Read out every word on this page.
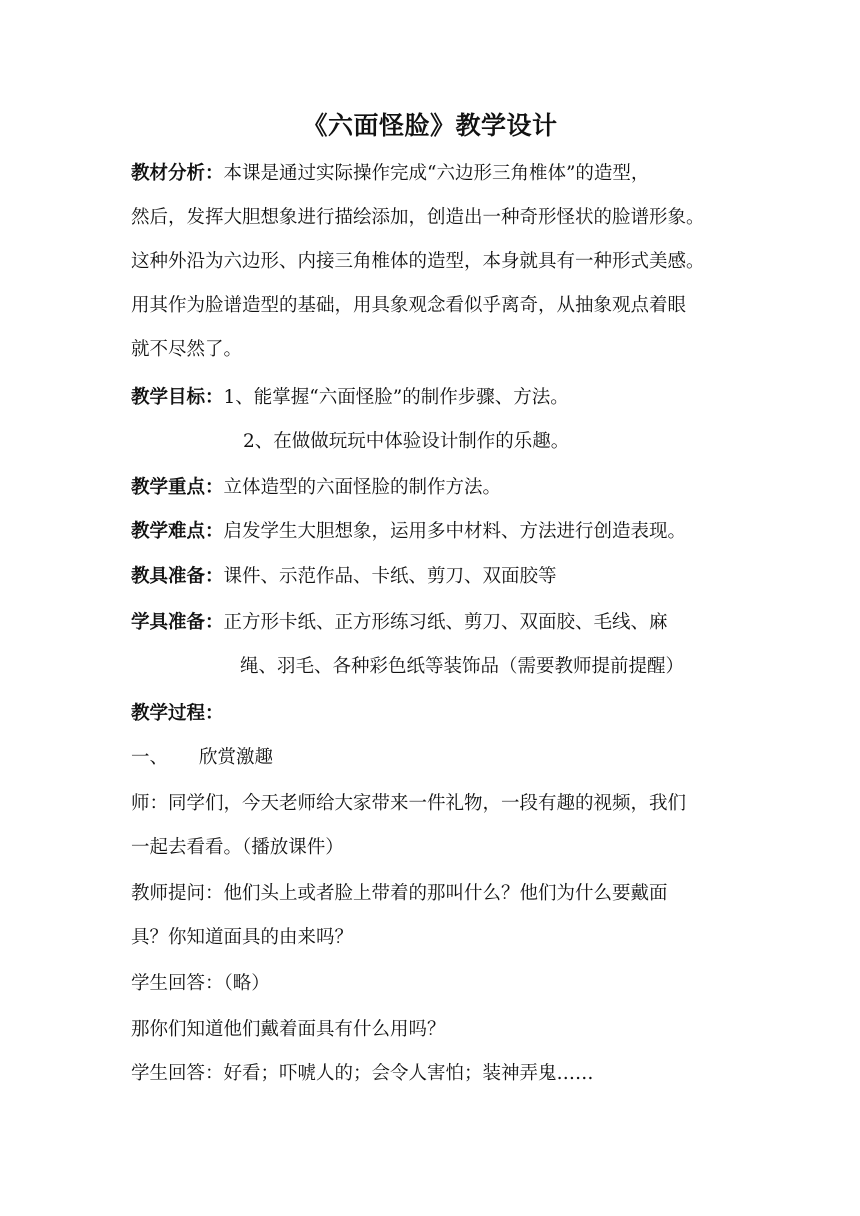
《六面怪脸》教学设计
教材分析：本课是通过实际操作完成“六边形三角椎体”的造型，
然后，发挥大胆想象进行描绘添加，创造出一种奇形怪状的脸谱形象。
这种外沿为六边形、内接三角椎体的造型，本身就具有一种形式美感。
用其作为脸谱造型的基础，用具象观念看似乎离奇，从抽象观点着眼
就不尽然了。
教学目标：1、能掌握“六面怪脸”的制作步骤、方法。
2、在做做玩玩中体验设计制作的乐趣。
教学重点：立体造型的六面怪脸的制作方法。
教学难点：启发学生大胆想象，运用多中材料、方法进行创造表现。
教具准备：课件、示范作品、卡纸、剪刀、双面胶等
学具准备：正方形卡纸、正方形练习纸、剪刀、双面胶、毛线、麻
绳、羽毛、各种彩色纸等装饰品（需要教师提前提醒）
教学过程：
一、 欣赏激趣
师：同学们，今天老师给大家带来一件礼物，一段有趣的视频，我们
一起去看看。（播放课件）
教师提问：他们头上或者脸上带着的那叫什么？他们为什么要戴面
具？你知道面具的由来吗？
学生回答：（略）
那你们知道他们戴着面具有什么用吗？
学生回答：好看；吓唬人的；会令人害怕；装神弄鬼……
